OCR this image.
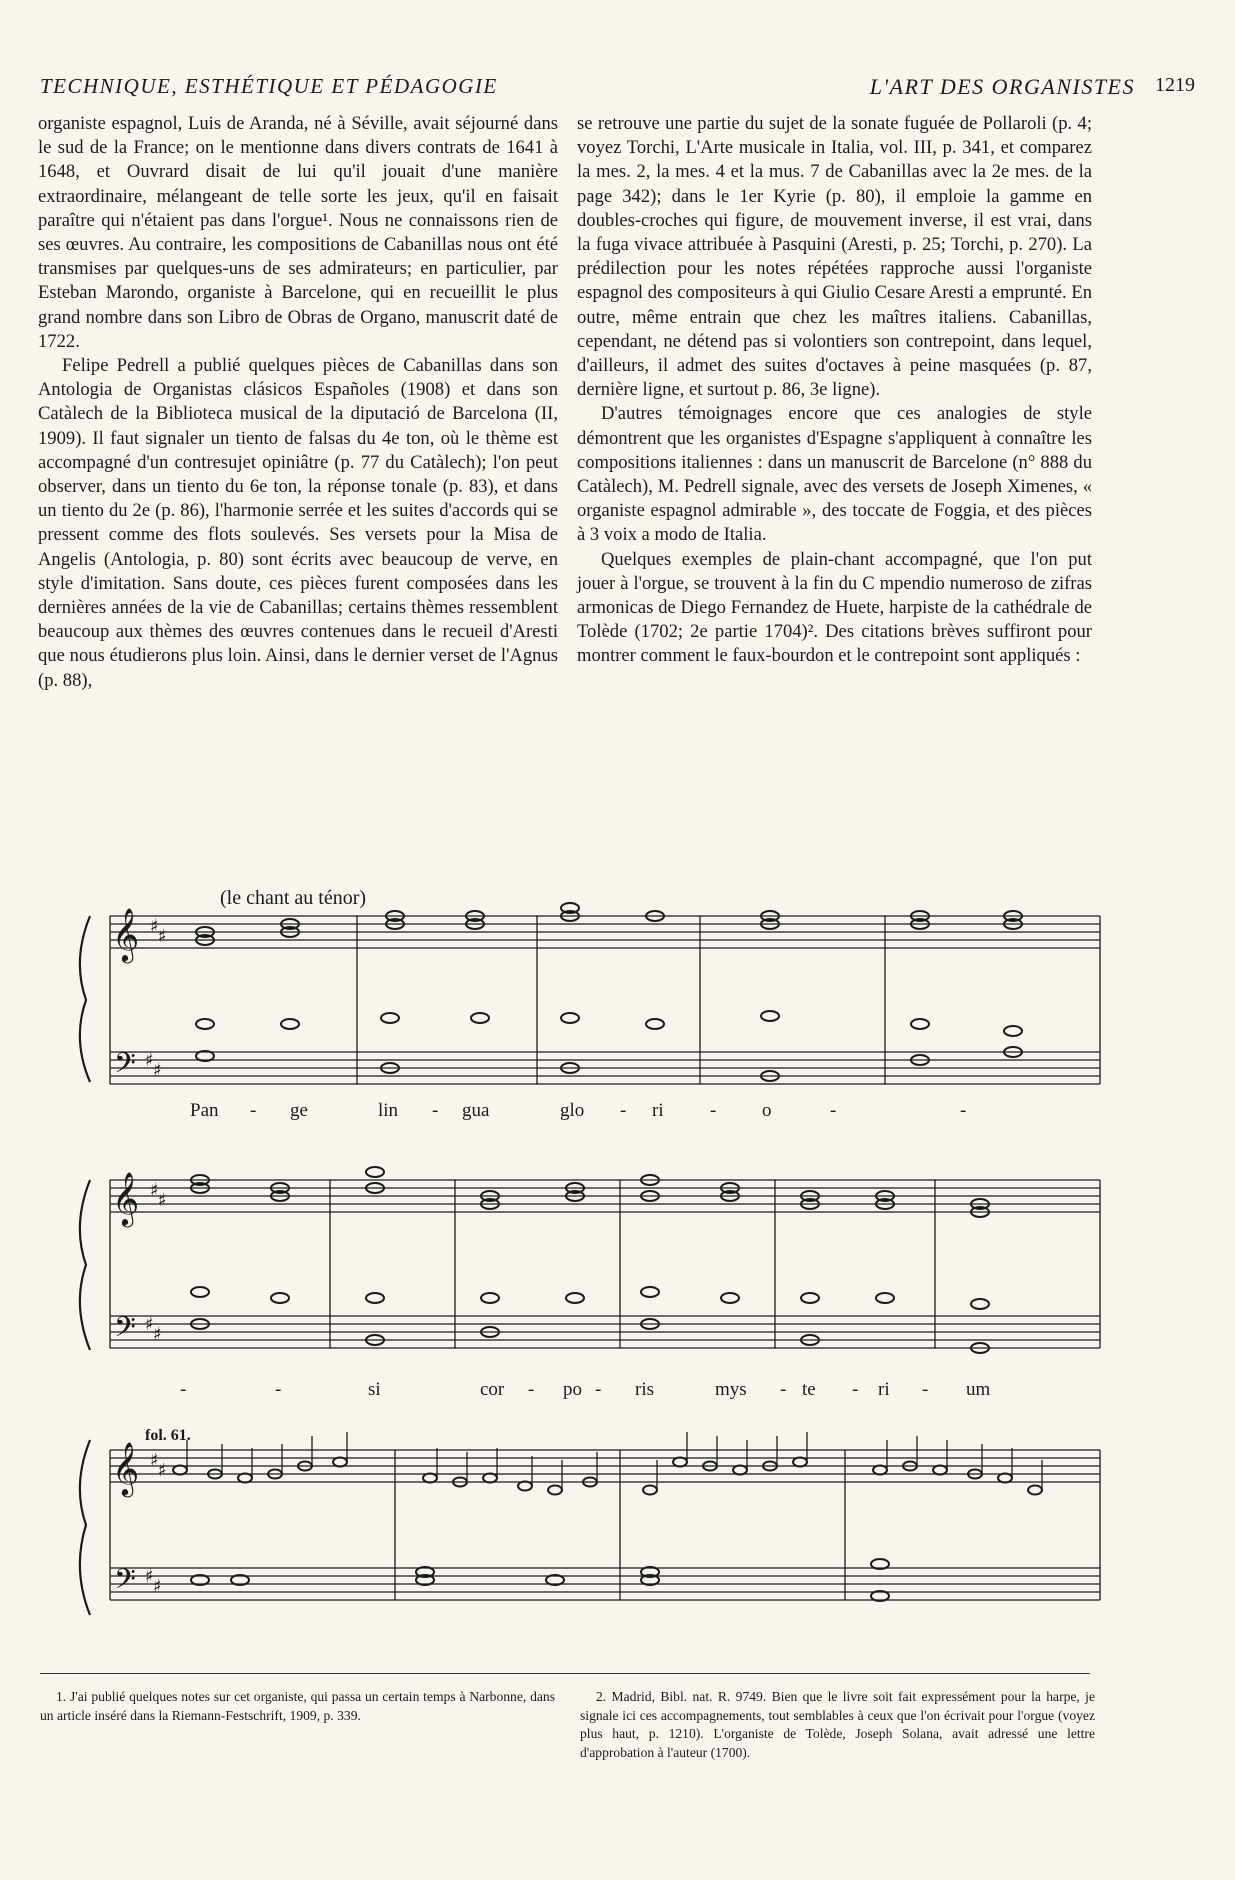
TECHNIQUE, ESTHÉTIQUE ET PÉDAGOGIE	L'ART DES ORGANISTES 1219

organiste espagnol, Luis de Aranda, né à Séville, avait séjourné dans le sud de la France; on le mentionne dans divers contrats de 1641 à 1648, et Ouvrard disait de lui qu'il jouait d'une manière extraordinaire, mélangeant de telle sorte les jeux, qu'il en faisait paraître qui n'étaient pas dans l'orgue¹. Nous ne connaissons rien de ses œuvres. Au contraire, les compositions de Cabanillas nous ont été transmises par quelques-uns de ses admirateurs; en particulier, par Esteban Marondo, organiste à Barcelone, qui en recueillit le plus grand nombre dans son Libro de Obras de Organo, manuscrit daté de 1722.

Felipe Pedrell a publié quelques pièces de Cabanillas dans son Antologia de Organistas clásicos Españoles (1908) et dans son Catàlech de la Biblioteca musical de la diputació de Barcelona (II, 1909). Il faut signaler un tiento de falsas du 4e ton, où le thème est accompagné d'un contresujet opiniâtre (p. 77 du Catàlech); l'on peut observer, dans un tiento du 6e ton, la réponse tonale (p. 83), et dans un tiento du 2e (p. 86), l'harmonie serrée et les suites d'accords qui se pressent comme des flots soulevés. Ses versets pour la Misa de Angelis (Antologia, p. 80) sont écrits avec beaucoup de verve, en style d'imitation. Sans doute, ces pièces furent composées dans les dernières années de la vie de Cabanillas; certains thèmes ressemblent beaucoup aux thèmes des œuvres contenues dans le recueil d'Aresti que nous étudierons plus loin. Ainsi, dans le dernier verset de l'Agnus (p. 88),

se retrouve une partie du sujet de la sonate fuguée de Pollaroli (p. 4; voyez Torchi, L'Arte musicale in Italia, vol. III, p. 341, et comparez la mes. 2, la mes. 4 et la mus. 7 de Cabanillas avec la 2e mes. de la page 342); dans le 1er Kyrie (p. 80), il emploie la gamme en doubles-croches qui figure, de mouvement inverse, il est vrai, dans la fuga vivace attribuée à Pasquini (Aresti, p. 25; Torchi, p. 270). La prédilection pour les notes répétées rapproche aussi l'organiste espagnol des compositeurs à qui Giulio Cesare Aresti a emprunté. En outre, même entrain que chez les maîtres italiens. Cabanillas, cependant, ne détend pas si volontiers son contrepoint, dans lequel, d'ailleurs, il admet des suites d'octaves à peine masquées (p. 87, dernière ligne, et surtout p. 86, 3e ligne).

D'autres témoignages encore que ces analogies de style démontrent que les organistes d'Espagne s'appliquent à connaître les compositions italiennes : dans un manuscrit de Barcelone (n° 888 du Catàlech), M. Pedrell signale, avec des versets de Joseph Ximenes, « organiste espagnol admirable », des toccate de Foggia, et des pièces à 3 voix a modo de Italia.

Quelques exemples de plain-chant accompagné, que l'on put jouer à l'orgue, se trouvent à la fin du C mpendio numeroso de zifras armonicas de Diego Fernandez de Huete, harpiste de la cathédrale de Tolède (1702; 2e partie 1704)². Des citations brèves suffiront pour montrer comment le faux-bourdon et le contrepoint sont appliqués :

𝄞
𝄢
♯ ♯
♯ ♯
𝄞
𝄢
♯ ♯
♯ ♯
𝄞
𝄢
♯ ♯
♯ ♯
(le chant au ténor)
fol. 61.
Pan - ge	lin - gua	glo - ri - o	-	-
-	-	si	cor - po - ris	mys - te - ri - um

1. J'ai publié quelques notes sur cet organiste, qui passa un certain temps à Narbonne, dans un article inséré dans la Riemann-Festschrift, 1909, p. 339.

2. Madrid, Bibl. nat. R. 9749. Bien que le livre soit fait expressément pour la harpe, je signale ici ces accompagnements, tout semblables à ceux que l'on écrivait pour l'orgue (voyez plus haut, p. 1210). L'organiste de Tolède, Joseph Solana, avait adressé une lettre d'approbation à l'auteur (1700).
